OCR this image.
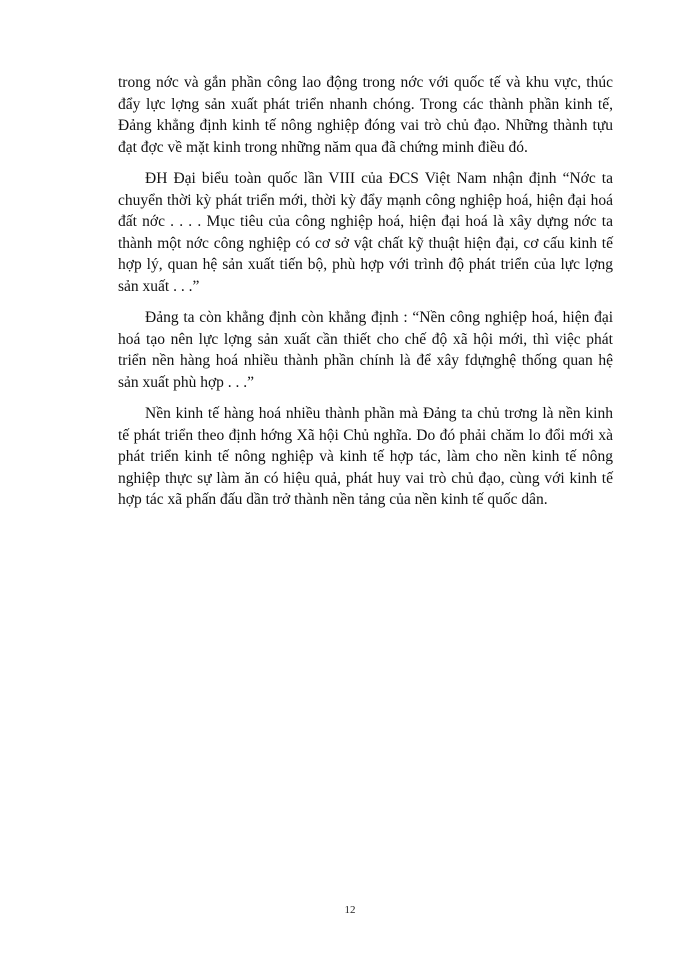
trong nớc và gắn phần công lao động trong nớc với quốc tế và khu vực, thúc đẩy lực lợng sản xuất phát triển nhanh chóng. Trong các thành phần kinh tế, Đảng khẳng định kinh tế nông nghiệp đóng vai trò chủ đạo. Những thành tựu đạt đợc về mặt kinh trong những năm qua đã chứng minh điều đó.

ĐH Đại biểu toàn quốc lần VIII của ĐCS Việt Nam nhận định “Nớc ta chuyển thời kỳ phát triển mới, thời kỳ đẩy mạnh công nghiệp hoá, hiện đại hoá đất nớc . . . . Mục tiêu của công nghiệp hoá, hiện đại hoá là xây dựng nớc ta thành một nớc công nghiệp có cơ sở vật chất kỹ thuật hiện đại, cơ cấu kinh tế hợp lý, quan hệ sản xuất tiến bộ, phù hợp với trình độ phát triển của lực lợng sản xuất . . .”

Đảng ta còn khẳng định còn khẳng định : “Nền công nghiệp hoá, hiện đại hoá tạo nên lực lợng sản xuất cần thiết cho chế độ xã hội mới, thì việc phát triển nền hàng hoá nhiều thành phần chính là để xây fdựnghệ thống quan hệ sản xuất phù hợp . . .”

Nền kinh tế hàng hoá nhiều thành phần mà Đảng ta chủ trơng là nền kinh tế phát triển theo định hớng Xã hội Chủ nghĩa. Do đó phải chăm lo đổi mới xà phát triển kinh tế nông nghiệp và kinh tế hợp tác, làm cho nền kinh tế nông nghiệp thực sự làm ăn có hiệu quả, phát huy vai trò chủ đạo, cùng với kinh tế hợp tác xã phấn đấu dần trở thành nền tảng của nền kinh tế quốc dân.

12
